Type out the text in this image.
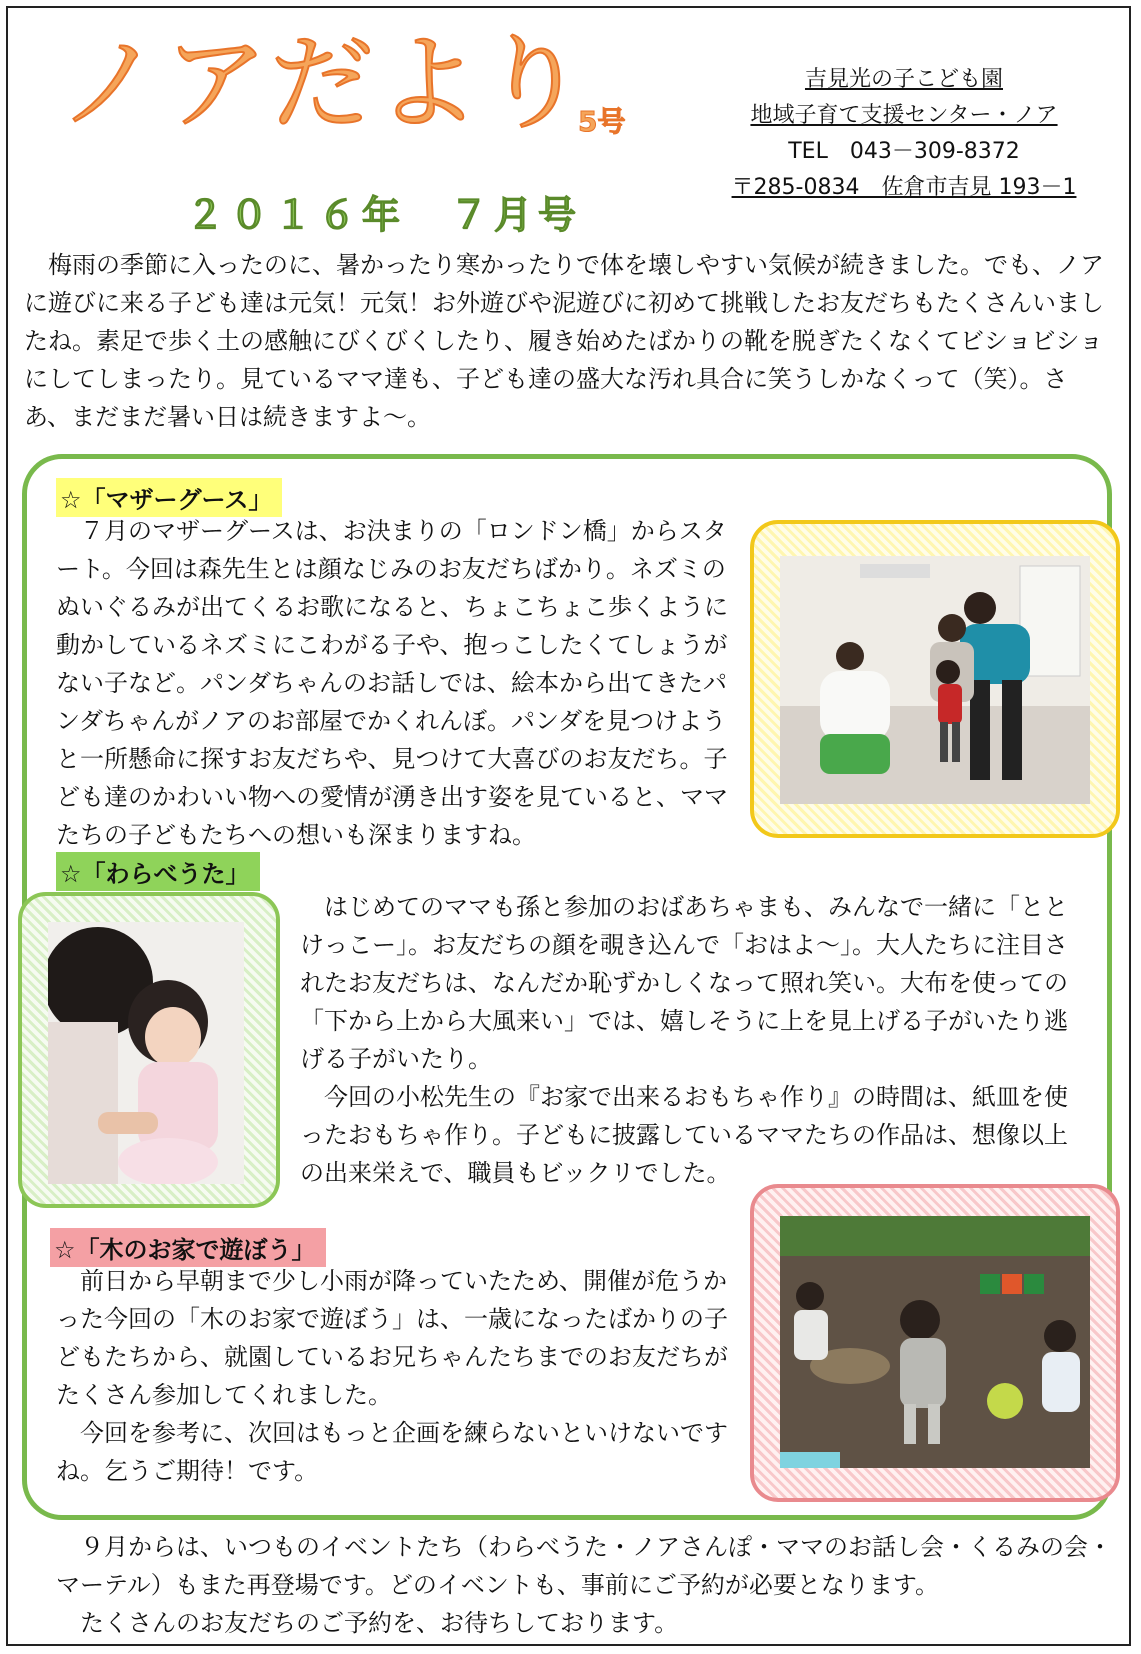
ノアだより
5号
２０１６年　７月号
吉見光の子こども園
地域子育て支援センター・ノア
TEL　043－309-8372
〒285-0834　佐倉市吉見 193－1

梅雨の季節に入ったのに、暑かったり寒かったりで体を壊しやすい気候が続きました。でも、ノアに遊びに来る子ども達は元気！元気！お外遊びや泥遊びに初めて挑戦したお友だちもたくさんいましたね。素足で歩く土の感触にびくびくしたり、履き始めたばかりの靴を脱ぎたくなくてビショビショにしてしまったり。見ているママ達も、子ども達の盛大な汚れ具合に笑うしかなくって（笑）。さあ、まだまだ暑い日は続きますよ～。

☆「マザーグース」

７月のマザーグースは、お決まりの「ロンドン橋」からスタート。今回は森先生とは顔なじみのお友だちばかり。ネズミのぬいぐるみが出てくるお歌になると、ちょこちょこ歩くように動かしているネズミにこわがる子や、抱っこしたくてしょうがない子など。パンダちゃんのお話しでは、絵本から出てきたパンダちゃんがノアのお部屋でかくれんぼ。パンダを見つけようと一所懸命に探すお友だちや、見つけて大喜びのお友だち。子ども達のかわいい物への愛情が湧き出す姿を見ていると、ママたちの子どもたちへの想いも深まりますね。

☆「わらべうた」

はじめてのママも孫と参加のおばあちゃまも、みんなで一緒に「ととけっこー」。お友だちの顔を覗き込んで「おはよ～」。大人たちに注目されたお友だちは、なんだか恥ずかしくなって照れ笑い。大布を使っての「下から上から大風来い」では、嬉しそうに上を見上げる子がいたり逃げる子がいたり。

今回の小松先生の『お家で出来るおもちゃ作り』の時間は、紙皿を使ったおもちゃ作り。子どもに披露しているママたちの作品は、想像以上の出来栄えで、職員もビックリでした。

☆「木のお家で遊ぼう」

前日から早朝まで少し小雨が降っていたため、開催が危うかった今回の「木のお家で遊ぼう」は、一歳になったばかりの子どもたちから、就園しているお兄ちゃんたちまでのお友だちがたくさん参加してくれました。

今回を参考に、次回はもっと企画を練らないといけないですね。乞うご期待！です。

９月からは、いつものイベントたち（わらべうた・ノアさんぽ・ママのお話し会・くるみの会・マーテル）もまた再登場です。どのイベントも、事前にご予約が必要となります。

たくさんのお友だちのご予約を、お待ちしております。
